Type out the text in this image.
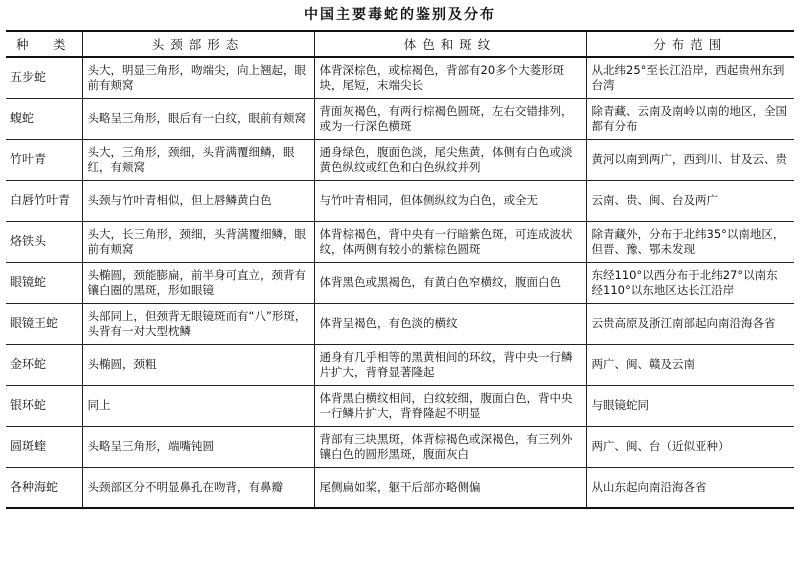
中国主要毒蛇的鉴别及分布
种　类	头颈部形态	体色和斑纹	分布范围
五步蛇	头大，明显三角形，吻端尖，向上翘起，眼前有颊窝	体背深棕色，或棕褐色，背部有20多个大菱形斑块，尾短，末端尖长	从北纬25°至长江沿岸，西起贵州东到台湾
蝮蛇	头略呈三角形，眼后有一白纹，眼前有颊窝	背面灰褐色，有两行棕褐色圆斑，左右交错排列，或为一行深色横斑	除青藏、云南及南岭以南的地区，全国都有分布
竹叶青	头大，三角形，颈细，头背满覆细鳞，眼红，有颊窝	通身绿色，腹面色淡，尾尖焦黄，体侧有白色或淡黄色纵纹或红色和白色纵纹并列	黄河以南到两广，西到川、甘及云、贵
白唇竹叶青	头颈与竹叶青相似，但上唇鳞黄白色	与竹叶青相同，但体侧纵纹为白色，或全无	云南、贵、闽、台及两广
烙铁头	头大，长三角形，颈细，头背满覆细鳞，眼前有颊窝	体背棕褐色，背中央有一行暗紫色斑，可连成波状纹，体两侧有较小的紫棕色圆斑	除青藏外，分布于北纬35°以南地区，但晋、豫、鄂未发现
眼镜蛇	头椭圆，颈能膨扁，前半身可直立，颈背有镶白圈的黑斑，形如眼镜	体背黑色或黑褐色，有黄白色窄横纹，腹面白色	东经110°以西分布于北纬27°以南东经110°以东地区达长江沿岸
眼镜王蛇	头部同上，但颈背无眼镜斑而有“八”形斑，头背有一对大型枕鳞	体背呈褐色，有色淡的横纹	云贵高原及浙江南部起向南沿海各省
金环蛇	头椭圆，颈粗	通身有几乎相等的黑黄相间的环纹，背中央一行鳞片扩大，背脊显著隆起	两广、闽、赣及云南
银环蛇	同上	体背黑白横纹相间，白纹较细，腹面白色，背中央一行鳞片扩大，背脊隆起不明显	与眼镜蛇同
圆斑蝰	头略呈三角形，端嘴钝圆	背部有三块黑斑，体背棕褐色或深褐色，有三列外镶白色的圆形黑斑，腹面灰白	两广、闽、台（近似亚种）
各种海蛇	头颈部区分不明显鼻孔在吻背，有鼻瓣	尾侧扁如桨，躯干后部亦略侧偏	从山东起向南沿海各省
